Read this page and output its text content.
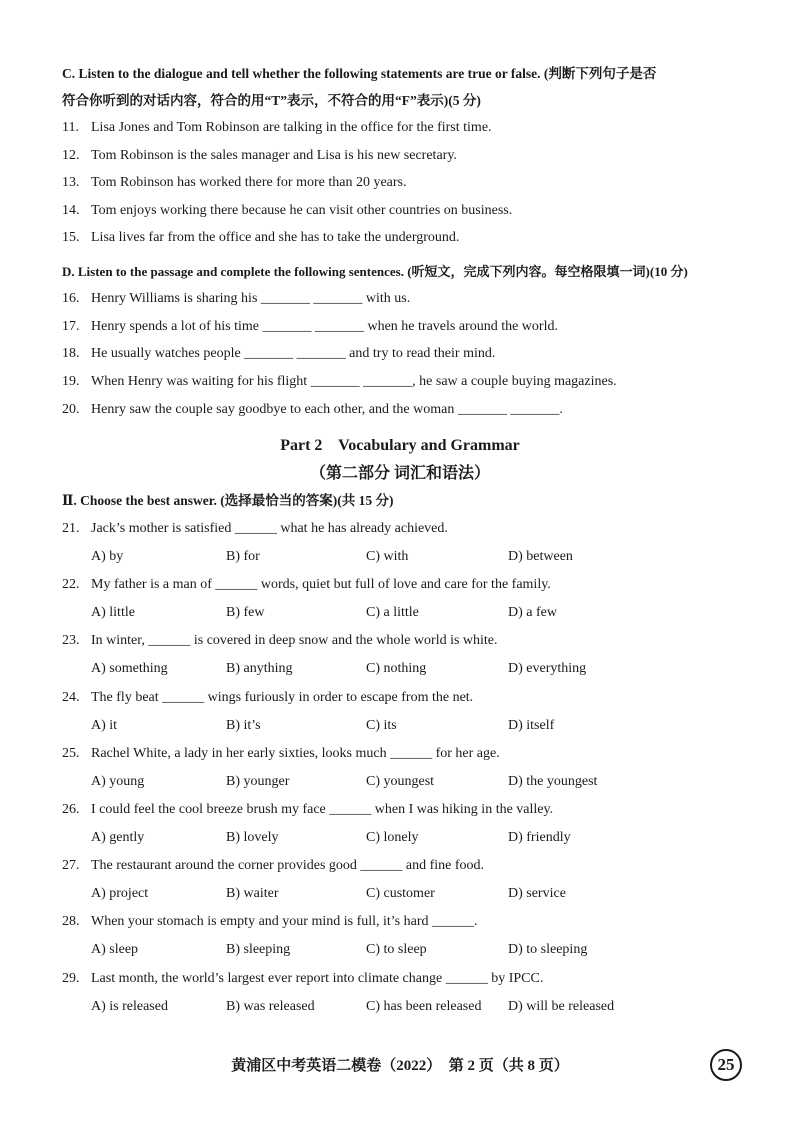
C. Listen to the dialogue and tell whether the following statements are true or false. (判断下列句子是否
符合你听到的对话内容，符合的用“T”表示，不符合的用“F”表示)(5 分)
11. Lisa Jones and Tom Robinson are talking in the office for the first time.
12. Tom Robinson is the sales manager and Lisa is his new secretary.
13. Tom Robinson has worked there for more than 20 years.
14. Tom enjoys working there because he can visit other countries on business.
15. Lisa lives far from the office and she has to take the underground.
D. Listen to the passage and complete the following sentences. (听短文，完成下列内容。每空格限填一词)(10 分)
16. Henry Williams is sharing his _______ _______ with us.
17. Henry spends a lot of his time _______ _______ when he travels around the world.
18. He usually watches people _______ _______ and try to read their mind.
19. When Henry was waiting for his flight _______ _______, he saw a couple buying magazines.
20. Henry saw the couple say goodbye to each other, and the woman _______ _______.
Part 2    Vocabulary and Grammar
（第二部分 词汇和语法）
Ⅱ. Choose the best answer. (选择最恰当的答案)(共 15 分)
21. Jack’s mother is satisfied ______ what he has already achieved.
A) by	B) for	C) with	D) between
22. My father is a man of ______ words, quiet but full of love and care for the family.
A) little	B) few	C) a little	D) a few
23. In winter, ______ is covered in deep snow and the whole world is white.
A) something	B) anything	C) nothing	D) everything
24. The fly beat ______ wings furiously in order to escape from the net.
A) it	B) it’s	C) its	D) itself
25. Rachel White, a lady in her early sixties, looks much ______ for her age.
A) young	B) younger	C) youngest	D) the youngest
26. I could feel the cool breeze brush my face ______ when I was hiking in the valley.
A) gently	B) lovely	C) lonely	D) friendly
27. The restaurant around the corner provides good ______ and fine food.
A) project	B) waiter	C) customer	D) service
28. When your stomach is empty and your mind is full, it’s hard ______.
A) sleep	B) sleeping	C) to sleep	D) to sleeping
29. Last month, the world’s largest ever report into climate change ______ by IPCC.
A) is released	B) was released	C) has been released D) will be released
黄浦区中考英语二模卷（2022）  第 2 页（共 8 页）	25
